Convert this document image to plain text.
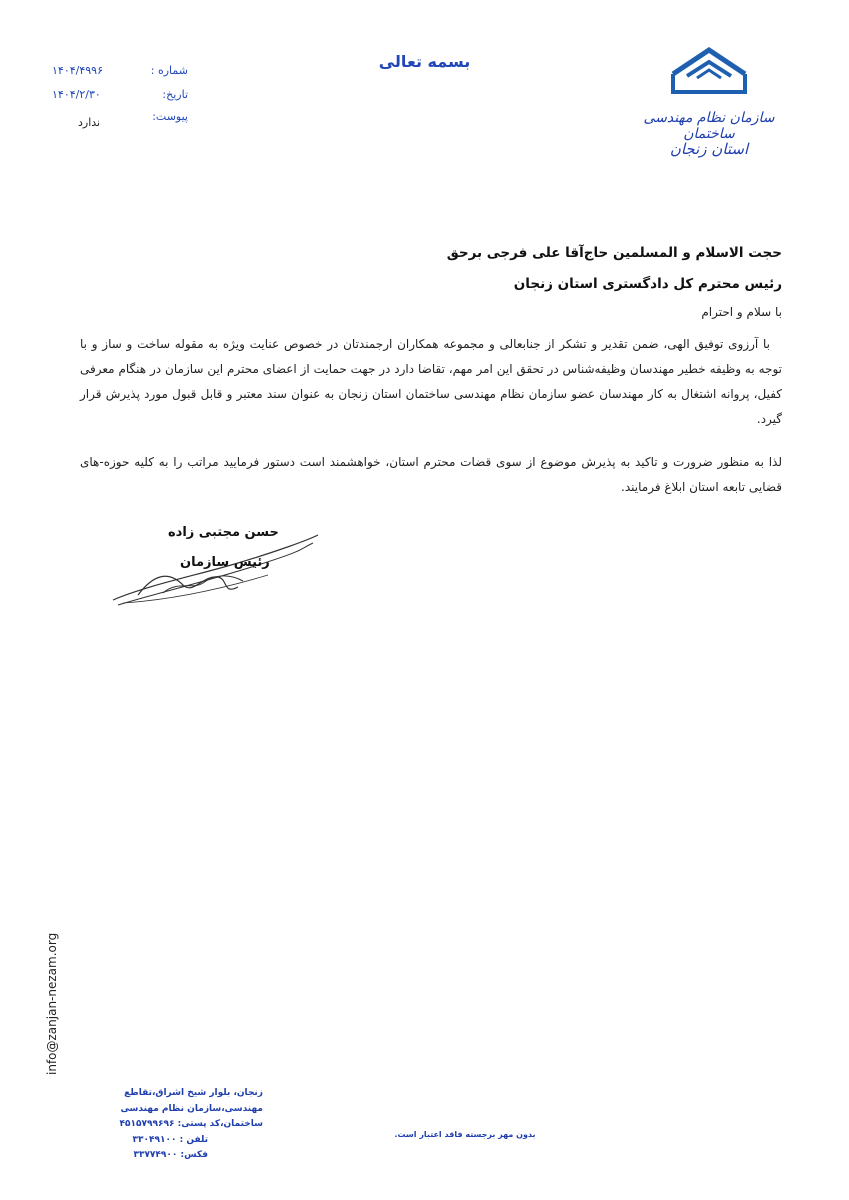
بسمه تعالی
شماره :
۱۴۰۴/۴۹۹۶
تاریخ:
۱۴۰۴/۲/۳۰
پیوست:
ندارد	سازمان نظام مهندسی ساختمان
استان زنجان
حجت الاسلام و المسلمین حاج‌آقا علی فرجی برحق
رئیس محترم کل دادگستری استان زنجان
با سلام و احترام
با آرزوی توفیق الهی، ضمن تقدیر و تشکر از جنابعالی و مجموعه همکاران ارجمندتان در خصوص عنایت ویژه به مقوله ساخت و ساز و با توجه به وظیفه خطیر مهندسان وظیفه‌شناس در تحقق این امر مهم، تقاضا دارد در جهت حمایت از اعضای محترم این سازمان در هنگام معرفی کفیل، پروانه اشتغال به کار مهندسان عضو سازمان نظام مهندسی ساختمان استان زنجان به عنوان سند معتبر و قابل قبول مورد پذیرش قرار گیرد.
لذا به منظور ضرورت و تاکید به پذیرش موضوع از سوی قضات محترم استان، خواهشمند است دستور فرمایید مراتب را به کلیه حوزه-های قضایی تابعه استان ابلاغ فرمایند.
حسن مجتبی زاده
رئیس سازمان
info@zanjan-nezam.org
زنجان، بلوار شیخ اشراق،تقاطع
مهندسی،سازمان نظام مهندسی
ساختمان،کد پستی: ۴۵۱۵۷۹۹۶۹۶
تلفن : ۳۳۰۴۹۱۰۰
فکس: ۳۳۷۷۴۹۰۰
بدون مهر برجسته فاقد اعتبار است.
